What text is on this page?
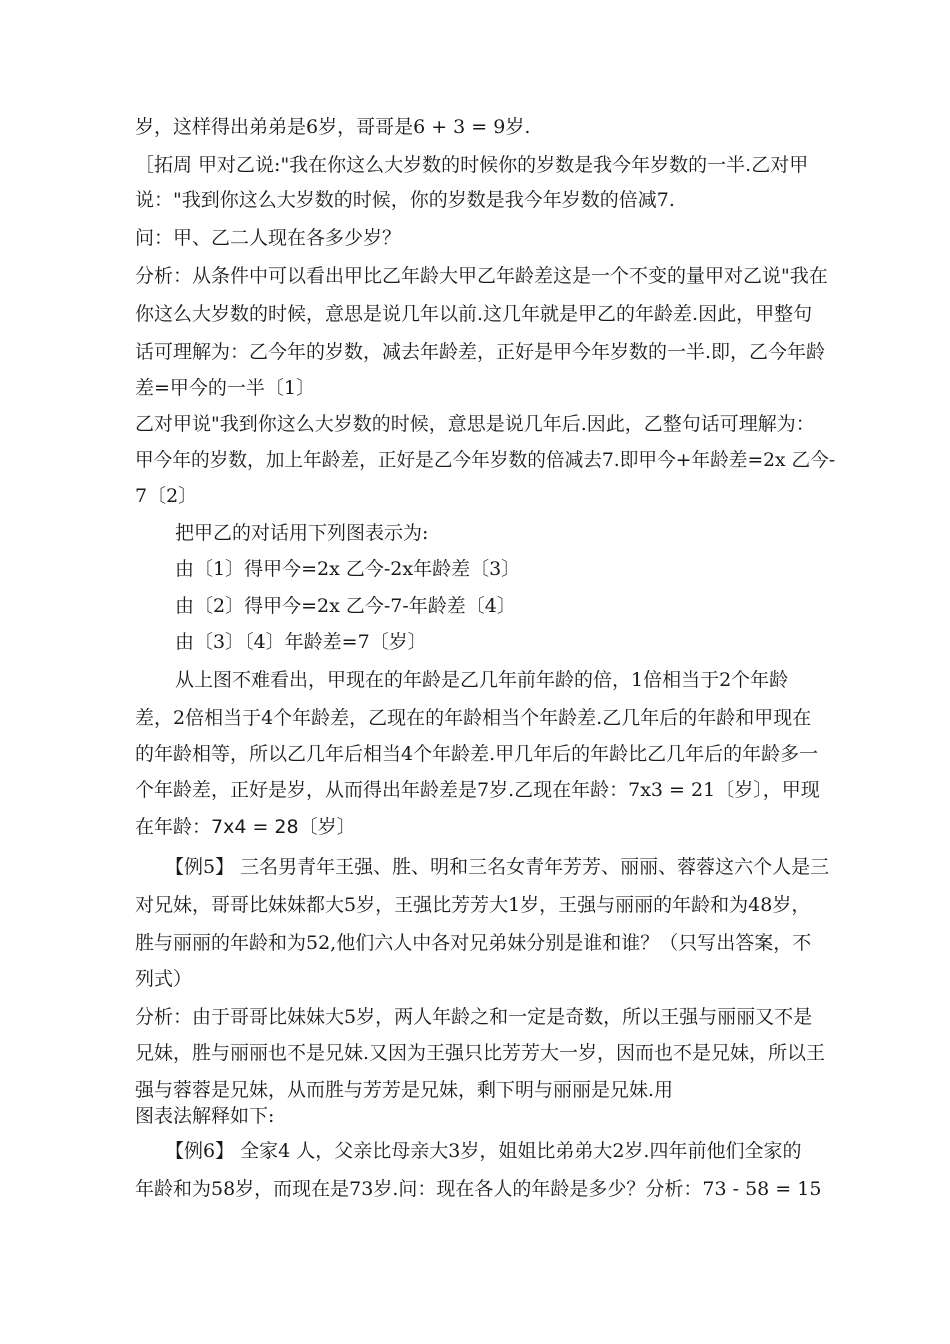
岁，这样得出弟弟是6岁，哥哥是6 + 3 = 9岁.
［拓周 甲对乙说:"我在你这么大岁数的时候你的岁数是我今年岁数的一半.乙对甲
说："我到你这么大岁数的时候，你的岁数是我今年岁数的倍减7.
问：甲、乙二人现在各多少岁？
分析：从条件中可以看出甲比乙年龄大甲乙年龄差这是一个不变的量甲对乙说"我在
你这么大岁数的时候，意思是说几年以前.这几年就是甲乙的年龄差.因此，甲整句
话可理解为：乙今年的岁数，减去年龄差，正好是甲今年岁数的一半.即，乙今年龄
差=甲今的一半〔1〕
乙对甲说"我到你这么大岁数的时候，意思是说几年后.因此，乙整句话可理解为：
甲今年的岁数，加上年龄差，正好是乙今年岁数的倍减去7.即甲今+年龄差=2x 乙今-
7〔2〕
把甲乙的对话用下列图表示为:
由〔1〕得甲今=2x 乙今-2x年龄差〔3〕
由〔2〕得甲今=2x 乙今-7-年龄差〔4〕
由〔3〕〔4〕年龄差=7〔岁〕
从上图不难看出，甲现在的年龄是乙几年前年龄的倍，1倍相当于2个年龄
差，2倍相当于4个年龄差，乙现在的年龄相当个年龄差.乙几年后的年龄和甲现在
的年龄相等，所以乙几年后相当4个年龄差.甲几年后的年龄比乙几年后的年龄多一
个年龄差，正好是岁，从而得出年龄差是7岁.乙现在年龄：7x3 = 21〔岁〕，甲现
在年龄：7x4 = 28〔岁〕
【例5】 三名男青年王强、胜、明和三名女青年芳芳、丽丽、蓉蓉这六个人是三
对兄妹，哥哥比妹妹都大5岁，王强比芳芳大1岁，王强与丽丽的年龄和为48岁，
胜与丽丽的年龄和为52,他们六人中各对兄弟妹分别是谁和谁？（只写出答案，不
列式）
分析：由于哥哥比妹妹大5岁，两人年龄之和一定是奇数，所以王强与丽丽又不是
兄妹，胜与丽丽也不是兄妹.又因为王强只比芳芳大一岁，因而也不是兄妹，所以王
强与蓉蓉是兄妹，从而胜与芳芳是兄妹，剩下明与丽丽是兄妹.用
图表法解释如下:
【例6】 全家4 人，父亲比母亲大3岁，姐姐比弟弟大2岁.四年前他们全家的
年龄和为58岁，而现在是73岁.问：现在各人的年龄是多少？分析：73 - 58 = 15
